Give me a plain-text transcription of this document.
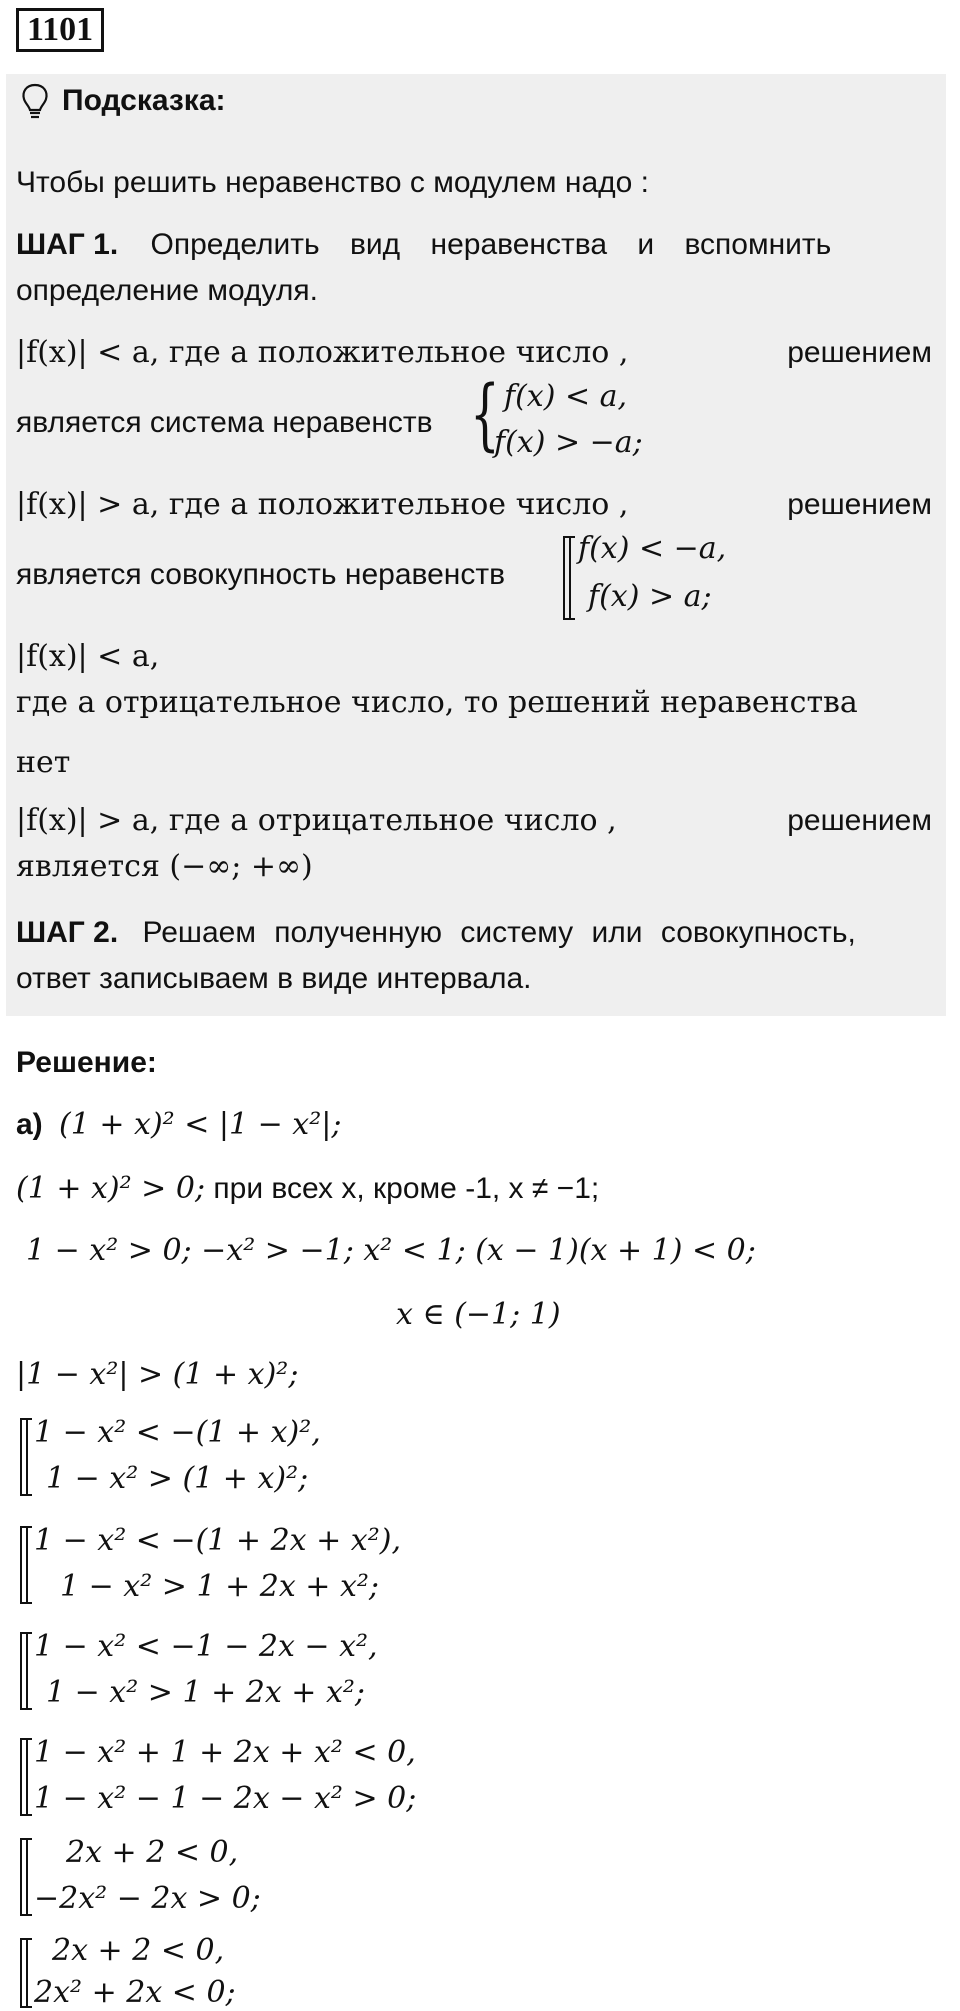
1101
Подсказка:
Чтобы решить неравенство с модулем надо :
ШАГ 1. Определить вид неравенства и вспомнить
определение модуля.
|f(x)| < a, где a положительное число ,	решением
является система неравенств { f(x) < a,
f(x) > −a;
|f(x)| > a, где a положительное число ,	решением
является совокупность неравенств
f(x) < −a,
f(x) > a;
|f(x)| < a,
где a отрицательное число, то решений неравенства
нет
|f(x)| > a, где a отрицательное число ,	решением
является (−∞; +∞)
ШАГ 2. Решаем полученную систему или совокупность,
ответ записываем в виде интервала.
Решение:
а) (1 + x)² < |1 − x²|;
(1 + x)² > 0; при всех x, кроме -1, x ≠ −1;
1 − x² > 0; −x² > −1; x² < 1; (x − 1)(x + 1) < 0;
x ∈ (−1; 1)
|1 − x²| > (1 + x)²;
1 − x² < −(1 + x)²,
1 − x² > (1 + x)²;
1 − x² < −(1 + 2x + x²),
1 − x² > 1 + 2x + x²;
1 − x² < −1 − 2x − x²,
1 − x² > 1 + 2x + x²;
1 − x² + 1 + 2x + x² < 0,
1 − x² − 1 − 2x − x² > 0;
2x + 2 < 0,
−2x² − 2x > 0;
2x + 2 < 0,
2x² + 2x < 0;
